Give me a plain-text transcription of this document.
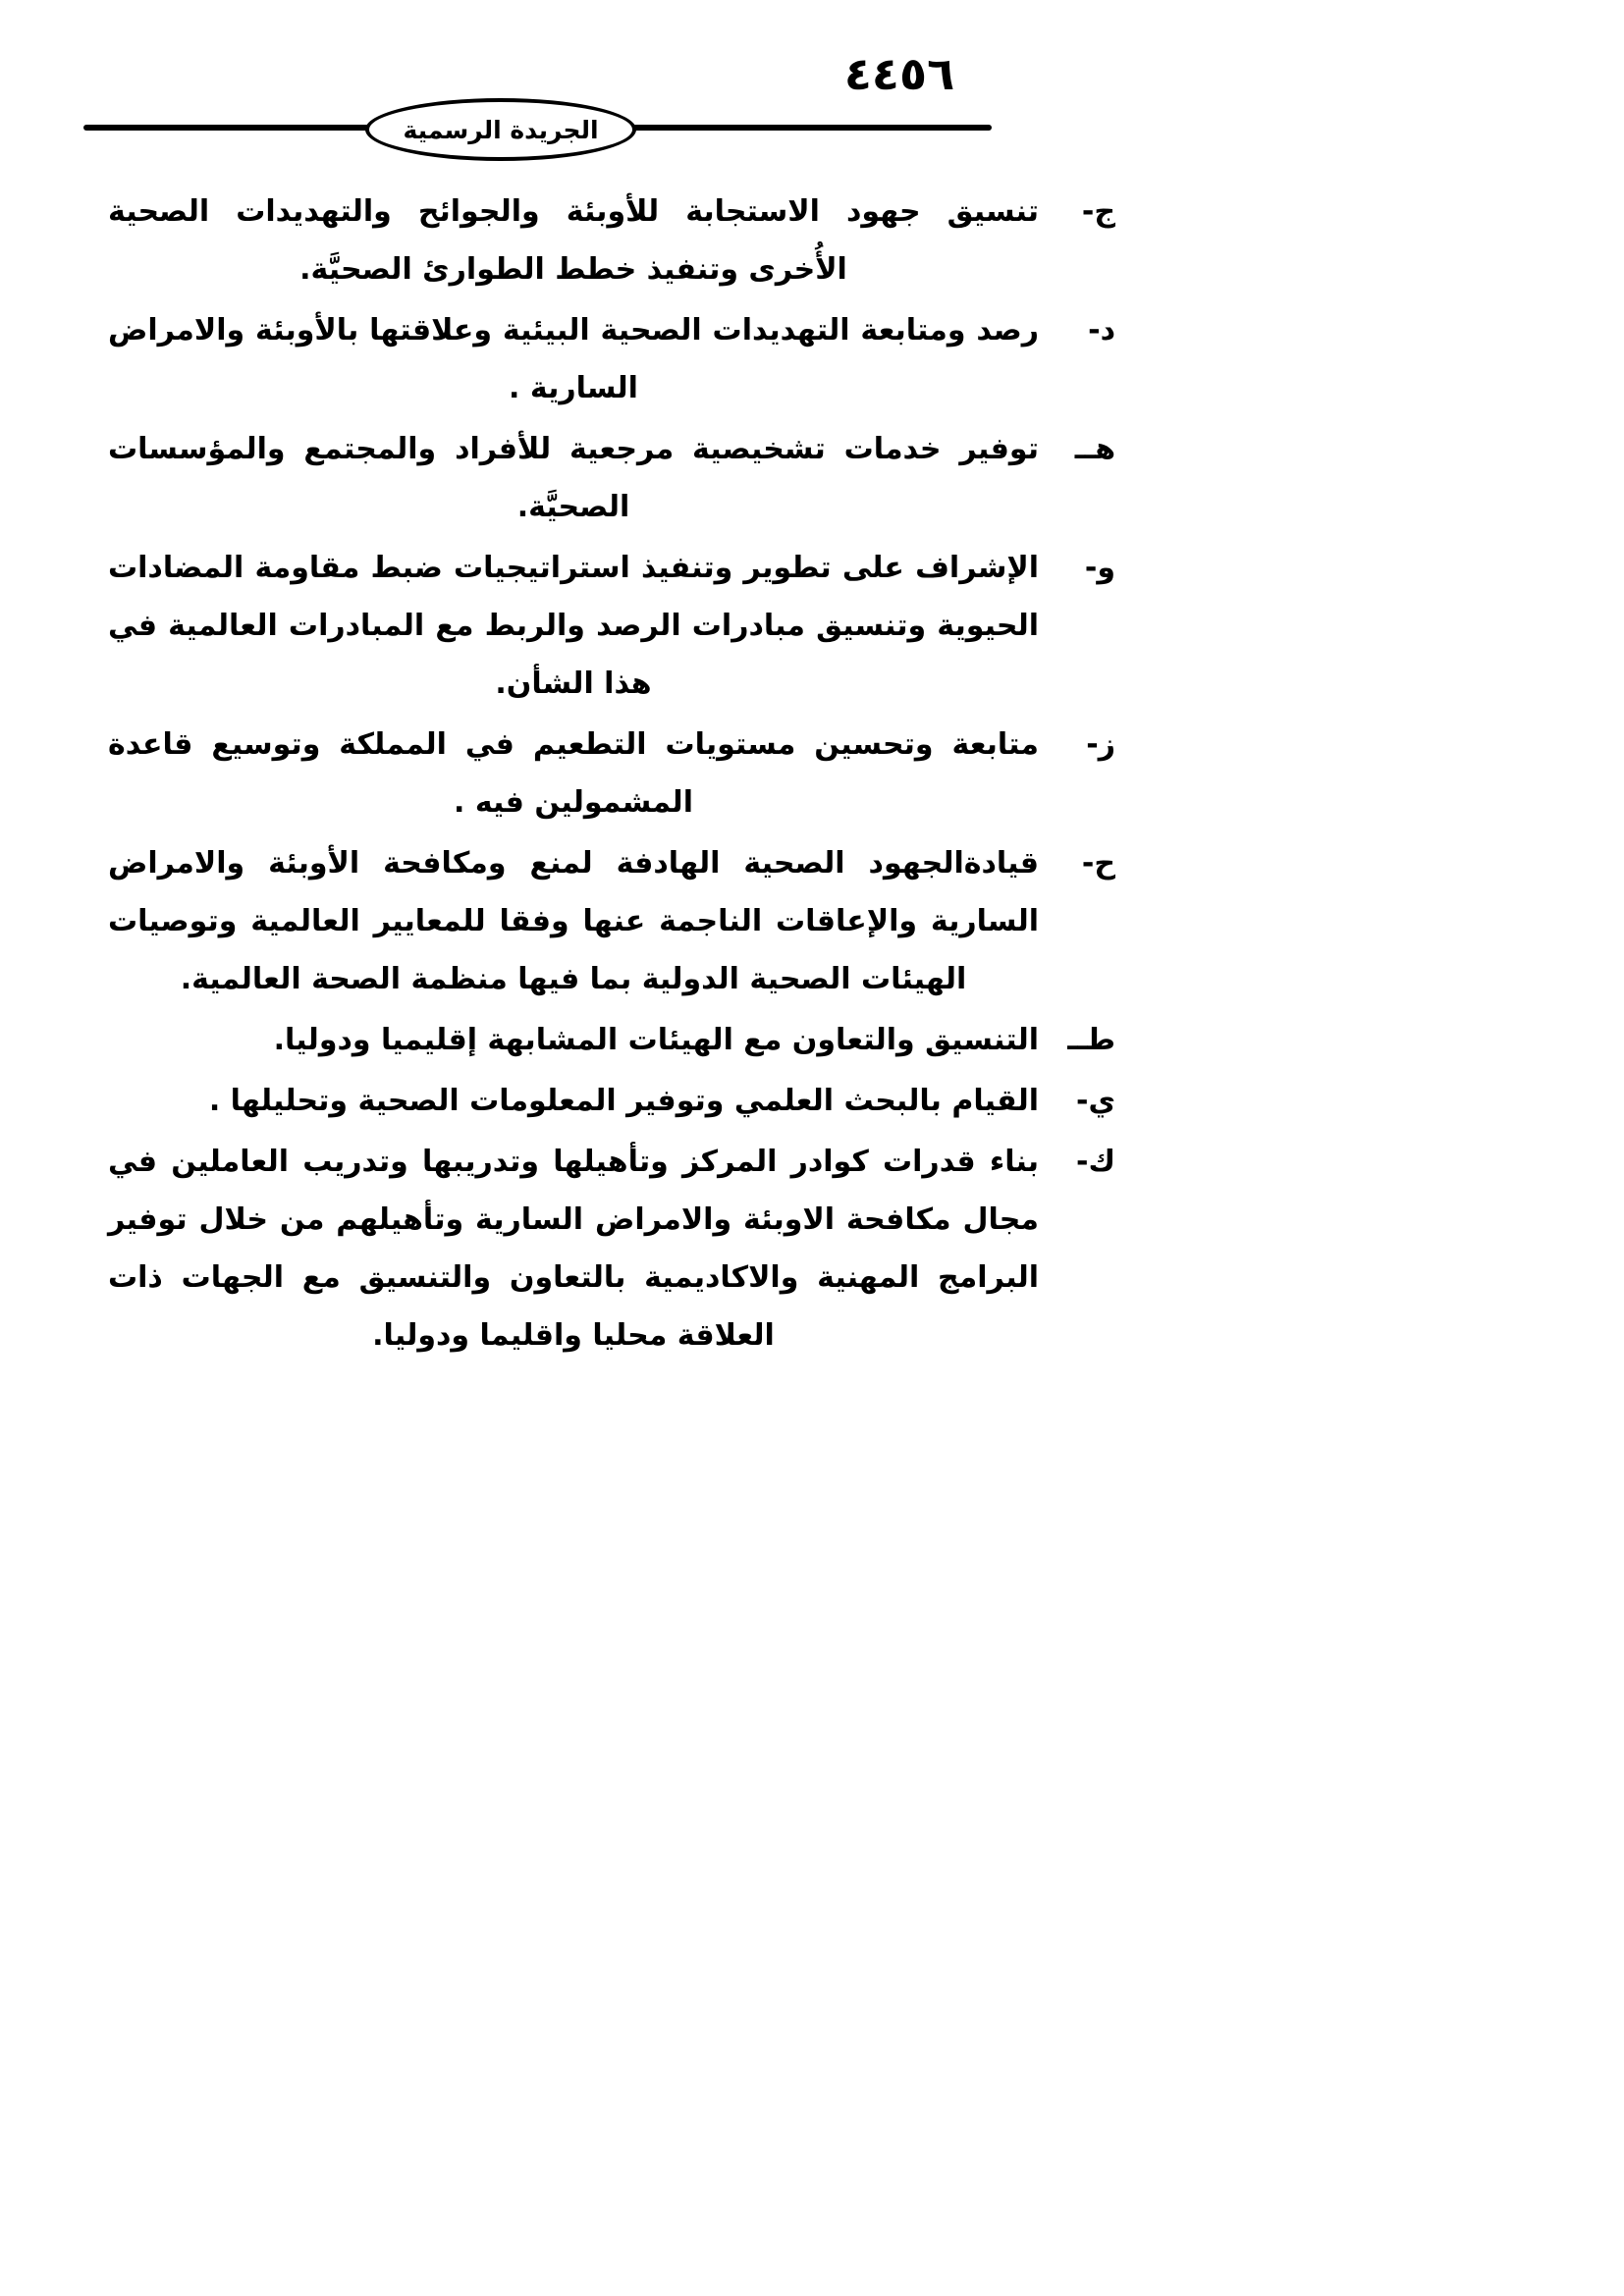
٤٤٥٦
الجريدة الرسمية
ج-
تنسيق جهود الاستجابة للأوبئة والجوائح والتهديدات الصحية الأُخرى وتنفيذ خطط الطوارئ الصحيَّة.
د-
رصد ومتابعة التهديدات الصحية البيئية وعلاقتها بالأوبئة والامراض السارية .
هــ
توفير خدمات تشخيصية مرجعية للأفراد والمجتمع والمؤسسات الصحيَّة.
و-
الإشراف على تطوير وتنفيذ استراتيجيات ضبط مقاومة المضادات الحيوية وتنسيق مبادرات الرصد والربط مع المبادرات العالمية في هذا الشأن.
ز-
متابعة وتحسين مستويات التطعيم في المملكة وتوسيع قاعدة المشمولين فيه .
ح-
قيادةالجهود الصحية الهادفة لمنع ومكافحة الأوبئة والامراض السارية والإعاقات الناجمة عنها وفقا للمعايير العالمية وتوصيات الهيئات الصحية الدولية بما فيها منظمة الصحة العالمية.
طــ
التنسيق والتعاون مع الهيئات المشابهة إقليميا ودوليا.
ي-
القيام بالبحث العلمي وتوفير المعلومات الصحية وتحليلها .
ك-
بناء قدرات كوادر المركز وتأهيلها وتدريبها وتدريب العاملين في مجال مكافحة الاوبئة والامراض السارية وتأهيلهم من خلال توفير البرامج المهنية والاكاديمية بالتعاون والتنسيق مع الجهات ذات العلاقة محليا واقليما ودوليا.
